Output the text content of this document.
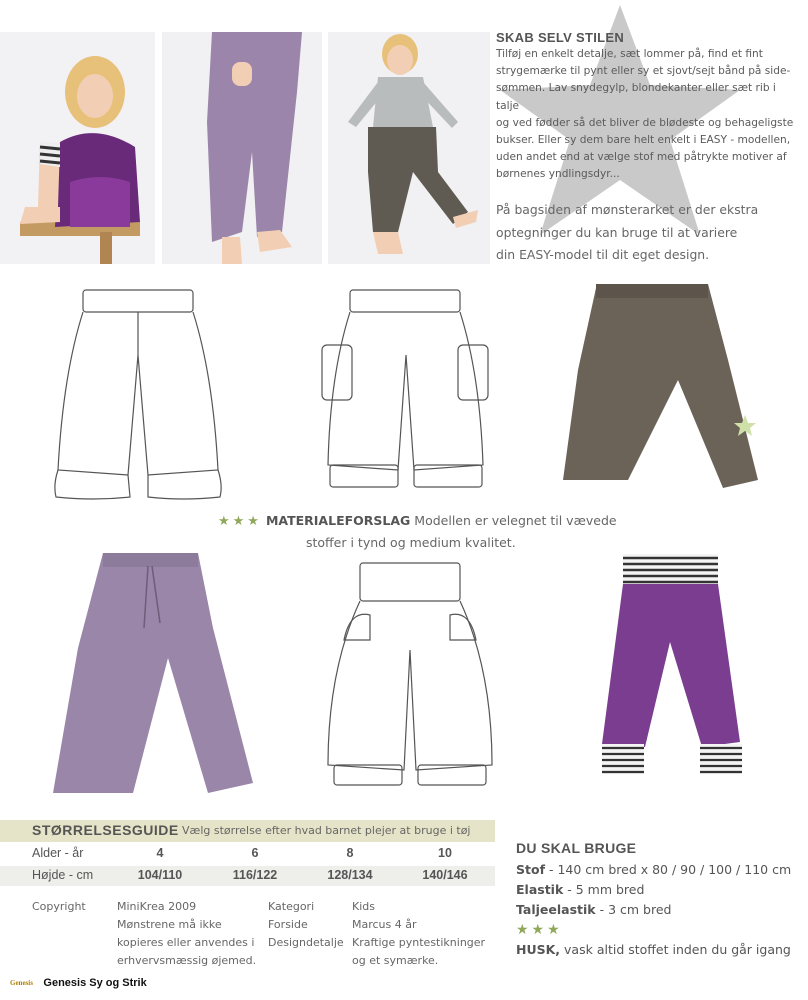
SKAB SELV STILEN
Tilføj en enkelt detalje, sæt lommer på, find et fint
strygemærke til pynt eller sy et sjovt/sejt bånd på side-
sømmen. Lav snydegylp, blondekanter eller sæt rib i talje
og ved fødder så det bliver de blødeste og behageligste
bukser. Eller sy dem bare helt enkelt i EASY - modellen,
uden andet end at vælge stof med påtrykte motiver af
børnenes yndlingsdyr...
På bagsiden af mønsterarket er der ekstra
optegninger du kan bruge til at variere
din EASY-model til dit eget design.
★★★ MATERIALEFORSLAG Modellen er velegnet til vævede
stoffer i tynd og medium kvalitet.
STØRRELSESGUIDE Vælg størrelse efter hvad barnet plejer at bruge i tøj
Alder - år	4	6	8	10
Højde - cm	104/110	116/122	128/134	140/146
Copyright	MiniKrea 2009
Mønstrene må ikke
kopieres eller anvendes i
erhvervsmæssig øjemed.
Kategori
Forside
Designdetalje
Kids
Marcus 4 år
Kraftige pyntestikninger
og et symærke.
DU SKAL BRUGE
Stof - 140 cm bred x 80 / 90 / 100 / 110 cm
Elastik - 5 mm bred
Taljeelastik - 3 cm bred
★★★
HUSK, vask altid stoffet inden du går igang
Genesis Genesis Sy og Strik
